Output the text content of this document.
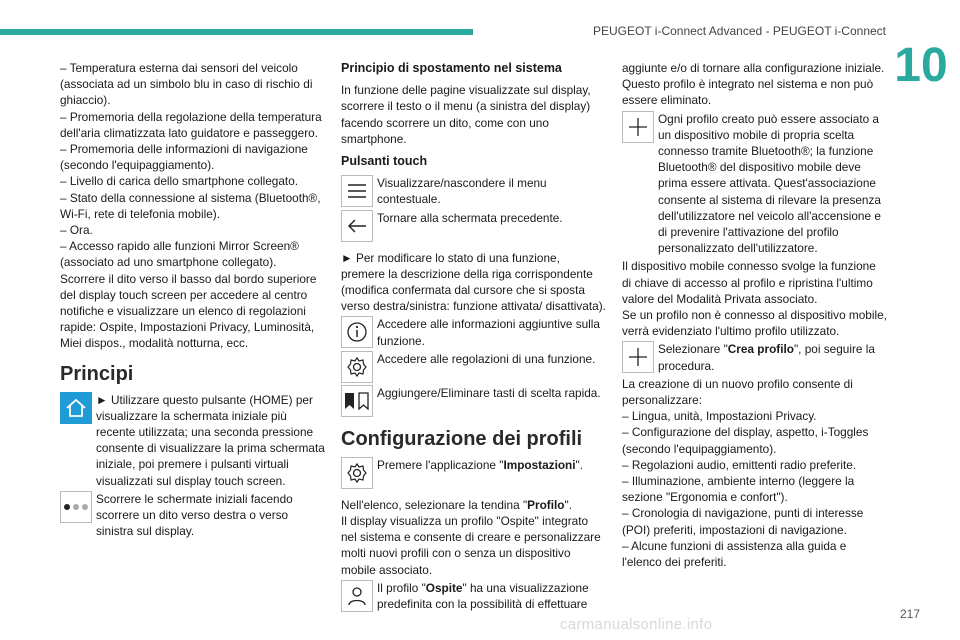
PEUGEOT i-Connect Advanced - PEUGEOT i-Connect
10

– Temperatura esterna dai sensori del veicolo (associata ad un simbolo blu in caso di rischio di ghiaccio).

– Promemoria della regolazione della temperatura dell'aria climatizzata lato guidatore e passeggero.

– Promemoria delle informazioni di navigazione (secondo l'equipaggiamento).

– Livello di carica dello smartphone collegato.

– Stato della connessione al sistema (Bluetooth®, Wi-Fi, rete di telefonia mobile).

– Ora.

– Accesso rapido alle funzioni Mirror Screen® (associato ad uno smartphone collegato).

Scorrere il dito verso il basso dal bordo superiore del display touch screen per accedere al centro notifiche e visualizzare un elenco di regolazioni rapide: Ospite, Impostazioni Privacy, Luminosità, Miei dispos., modalità notturna, ecc.

Principi

► Utilizzare questo pulsante (HOME) per visualizzare la schermata iniziale più recente utilizzata; una seconda pressione consente di visualizzare la prima schermata iniziale, poi premere i pulsanti virtuali visualizzati sul display touch screen.

Scorrere le schermate iniziali facendo scorrere un dito verso destra o verso sinistra sul display.

Principio di spostamento nel sistema

In funzione delle pagine visualizzate sul display, scorrere il testo o il menu (a sinistra del display) facendo scorrere un dito, come con uno smartphone.

Pulsanti touch

Visualizzare/nascondere il menu contestuale.

Tornare alla schermata precedente.

► Per modificare lo stato di una funzione, premere la descrizione della riga corrispondente (modifica confermata dal cursore che si sposta verso destra/sinistra: funzione attivata/ disattivata).

Accedere alle informazioni aggiuntive sulla funzione.

Accedere alle regolazioni di una funzione.

Aggiungere/Eliminare tasti di scelta rapida.

Configurazione dei profili

Premere l'applicazione "Impostazioni".

Nell'elenco, selezionare la tendina "Profilo".

Il display visualizza un profilo "Ospite" integrato nel sistema e consente di creare e personalizzare molti nuovi profili con o senza un dispositivo mobile associato.

Il profilo "Ospite" ha una visualizzazione predefinita con la possibilità di effettuare

aggiunte e/o di tornare alla configurazione iniziale. Questo profilo è integrato nel sistema e non può essere eliminato.

Ogni profilo creato può essere associato a un dispositivo mobile di propria scelta connesso tramite Bluetooth®; la funzione Bluetooth® del dispositivo mobile deve prima essere attivata. Quest'associazione consente al sistema di rilevare la presenza dell'utilizzatore nel veicolo all'accensione e di prevenire l'attivazione del profilo personalizzato dell'utilizzatore.

Il dispositivo mobile connesso svolge la funzione di chiave di accesso al profilo e ripristina l'ultimo valore del Modalità Privata associato.

Se un profilo non è connesso al dispositivo mobile, verrà evidenziato l'ultimo profilo utilizzato.

Selezionare "Crea profilo", poi seguire la procedura.

La creazione di un nuovo profilo consente di personalizzare:

– Lingua, unità, Impostazioni Privacy.

– Configurazione del display, aspetto, i-Toggles (secondo l'equipaggiamento).

– Regolazioni audio, emittenti radio preferite.

– Illuminazione, ambiente interno (leggere la sezione "Ergonomia e confort").

– Cronologia di navigazione, punti di interesse (POI) preferiti, impostazioni di navigazione.

– Alcune funzioni di assistenza alla guida e l'elenco dei preferiti.

carmanualsonline.info
217
